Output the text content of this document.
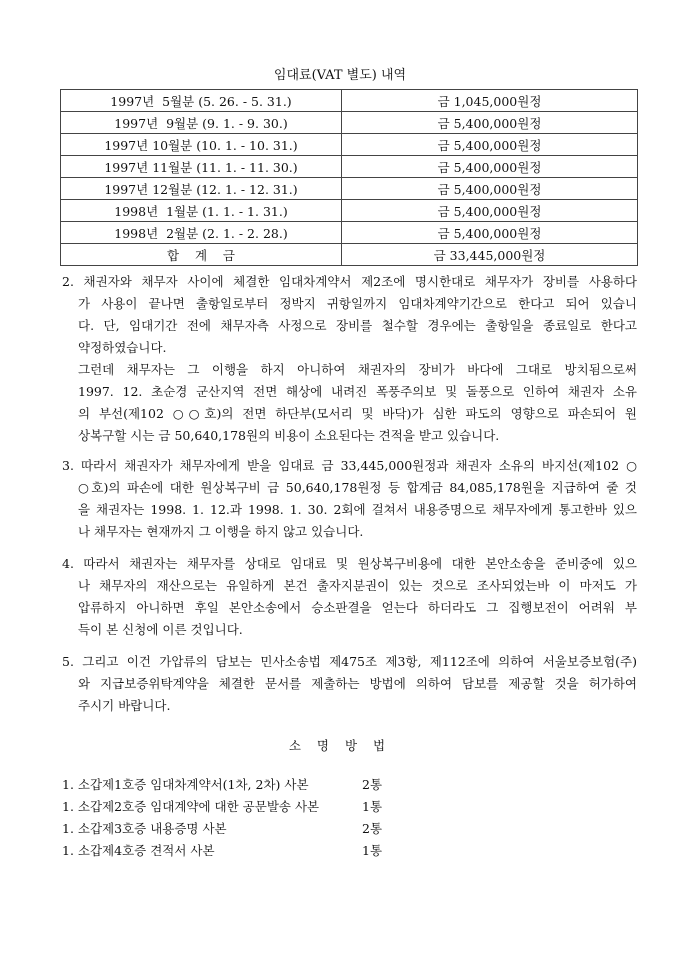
임대료(VAT 별도) 내역
1997년  5월분 (5. 26. - 5. 31.)	금 1,045,000원정
1997년  9월분 (9. 1. - 9. 30.)	금 5,400,000원정
1997년 10월분 (10. 1. - 10. 31.)	금 5,400,000원정
1997년 11월분 (11. 1. - 11. 30.)	금 5,400,000원정
1997년 12월분 (12. 1. - 12. 31.)	금 5,400,000원정
1998년  1월분 (1. 1. - 1. 31.)	금 5,400,000원정
1998년  2월분 (2. 1. - 2. 28.)	금 5,400,000원정
합    계    금	금 33,445,000원정
2. 채권자와 채무자 사이에 체결한 임대차계약서 제2조에 명시한대로 채무자가 장비를 사용하다
가 사용이 끝나면 출항일로부터 정박지 귀항일까지 임대차계약기간으로 한다고 되어 있습니
다. 단, 임대기간 전에 채무자측 사정으로 장비를 철수할 경우에는 출항일을 종료일로 한다고
약정하였습니다.
그런데 채무자는 그 이행을 하지 아니하여 채권자의 장비가 바다에 그대로 방치됨으로써
1997. 12. 초순경 군산지역 전면 해상에 내려진 폭풍주의보 및 돌풍으로 인하여 채권자 소유
의 부선(제102 ○○호)의 전면 하단부(모서리 및 바닥)가 심한 파도의 영향으로 파손되어 원
상복구할 시는 금 50,640,178원의 비용이 소요된다는 견적을 받고 있습니다.
3. 따라서 채권자가 채무자에게 받을 임대료 금 33,445,000원정과 채권자 소유의 바지선(제102 ○
○호)의 파손에 대한 원상복구비 금 50,640,178원정 등 합계금 84,085,178원을 지급하여 줄 것
을 채권자는 1998. 1. 12.과 1998. 1. 30. 2회에 걸쳐서 내용증명으로 채무자에게 통고한바 있으
나 채무자는 현재까지 그 이행을 하지 않고 있습니다.
4. 따라서 채권자는 채무자를 상대로 임대료 및 원상복구비용에 대한 본안소송을 준비중에 있으
나 채무자의 재산으로는 유일하게 본건 출자지분권이 있는 것으로 조사되었는바 이 마저도 가
압류하지 아니하면 후일 본안소송에서 승소판결을 얻는다 하더라도 그 집행보전이 어려워 부
득이 본 신청에 이른 것입니다.
5. 그리고 이건 가압류의 담보는 민사소송법 제475조 제3항, 제112조에 의하여 서울보증보험(주)
와 지급보증위탁계약을 체결한 문서를 제출하는 방법에 의하여 담보를 제공할 것을 허가하여
주시기 바랍니다.
소 명 방 법
1. 소갑제1호증 임대차계약서(1차, 2차) 사본	2통
1. 소갑제2호증 임대계약에 대한 공문발송 사본	1통
1. 소갑제3호증 내용증명 사본	2통
1. 소갑제4호증 견적서 사본	1통
